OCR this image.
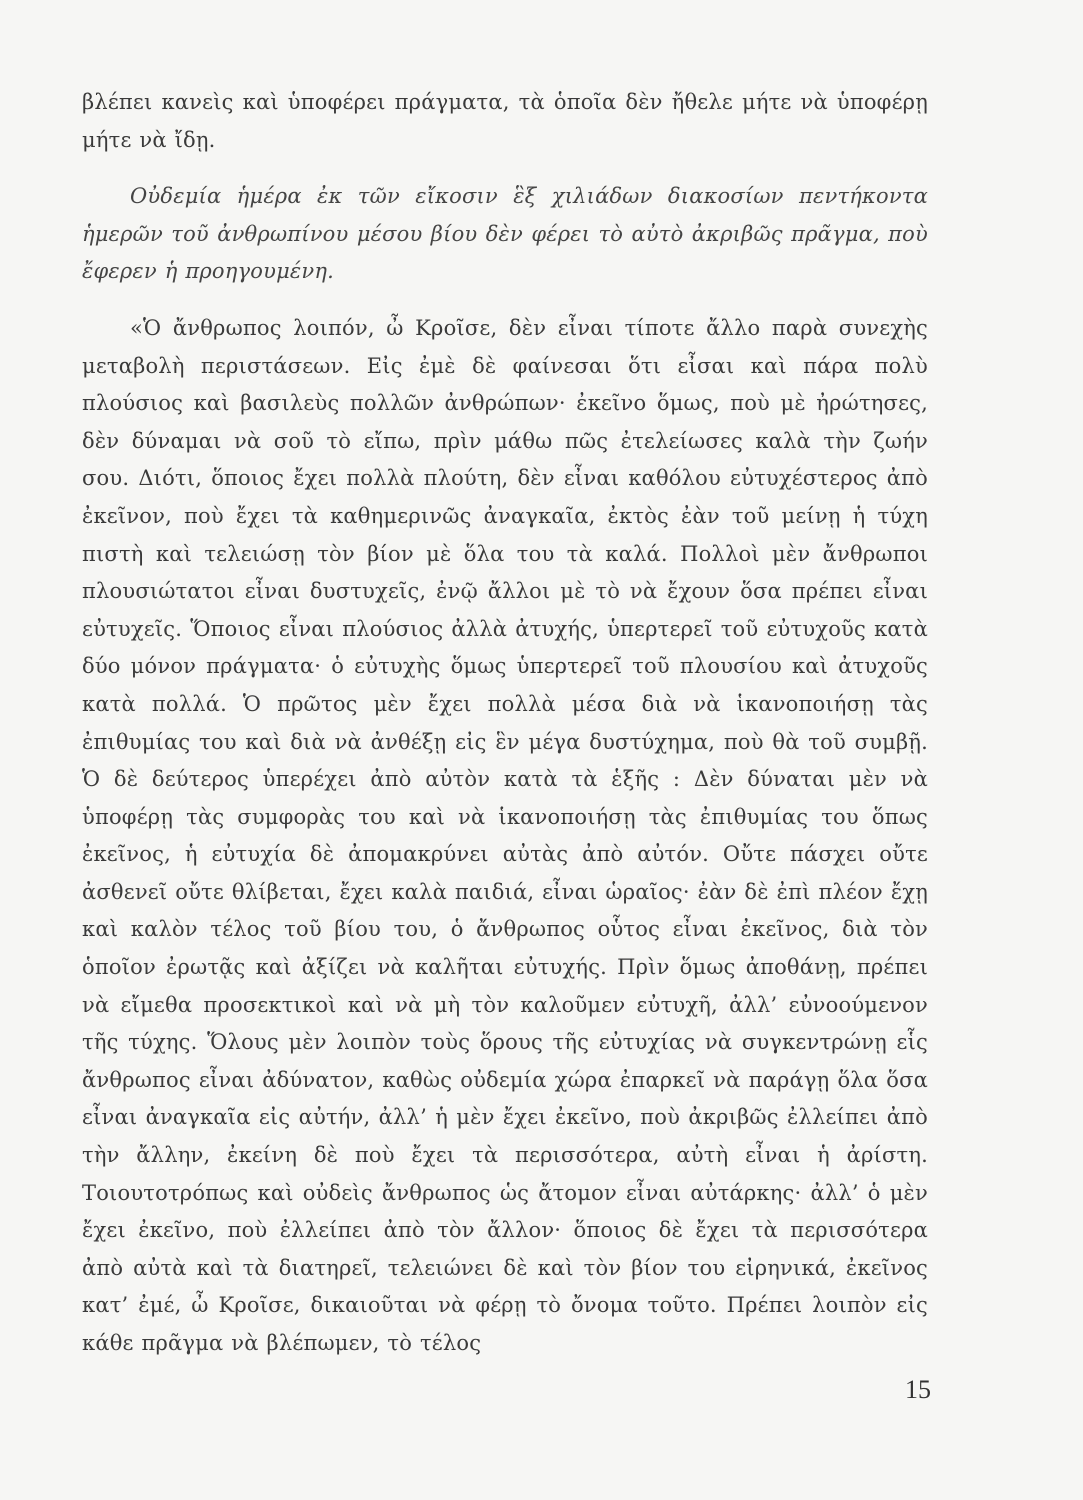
βλέπει κανεὶς καὶ ὑποφέρει πράγματα, τὰ ὁποῖα δὲν ἤθελε μήτε νὰ ὑποφέρῃ μήτε νὰ ἴδῃ.

Οὐδεμία ἡμέρα ἐκ τῶν εἴκοσιν ἓξ χιλιάδων διακοσίων πεντήκοντα ἡμερῶν τοῦ ἀνθρωπίνου μέσου βίου δὲν φέρει τὸ αὐτὸ ἀκριβῶς πρᾶγμα, ποὺ ἔφερεν ἡ προηγουμένη.

«Ὁ ἄνθρωπος λοιπόν, ὦ Κροῖσε, δὲν εἶναι τίποτε ἄλλο παρὰ συνεχὴς μεταβολὴ περιστάσεων. Εἰς ἐμὲ δὲ φαίνεσαι ὅτι εἶσαι καὶ πάρα πολὺ πλούσιος καὶ βασιλεὺς πολλῶν ἀνθρώπων· ἐκεῖνο ὅμως, ποὺ μὲ ἠρώτησες, δὲν δύναμαι νὰ σοῦ τὸ εἴπω, πρὶν μάθω πῶς ἐτελείωσες καλὰ τὴν ζωήν σου. Διότι, ὅποιος ἔχει πολλὰ πλούτη, δὲν εἶναι καθόλου εὐτυχέστερος ἀπὸ ἐκεῖνον, ποὺ ἔχει τὰ καθημερινῶς ἀναγκαῖα, ἐκτὸς ἐὰν τοῦ μείνῃ ἡ τύχη πιστὴ καὶ τελειώσῃ τὸν βίον μὲ ὅλα του τὰ καλά. Πολλοὶ μὲν ἄνθρωποι πλουσιώτατοι εἶναι δυστυχεῖς, ἐνῷ ἄλλοι μὲ τὸ νὰ ἔχουν ὅσα πρέπει εἶναι εὐτυχεῖς. Ὅποιος εἶναι πλούσιος ἀλλὰ ἀτυχής, ὑπερτερεῖ τοῦ εὐτυχοῦς κατὰ δύο μόνον πράγματα· ὁ εὐτυχὴς ὅμως ὑπερτερεῖ τοῦ πλουσίου καὶ ἀτυχοῦς κατὰ πολλά. Ὁ πρῶτος μὲν ἔχει πολλὰ μέσα διὰ νὰ ἱκανοποιήσῃ τὰς ἐπιθυμίας του καὶ διὰ νὰ ἀνθέξῃ εἰς ἓν μέγα δυστύχημα, ποὺ θὰ τοῦ συμβῇ. Ὁ δὲ δεύτερος ὑπερέχει ἀπὸ αὐτὸν κατὰ τὰ ἑξῆς : Δὲν δύναται μὲν νὰ ὑποφέρῃ τὰς συμφορὰς του καὶ νὰ ἱκανοποιήσῃ τὰς ἐπιθυμίας του ὅπως ἐκεῖνος, ἡ εὐτυχία δὲ ἀπομακρύνει αὐτὰς ἀπὸ αὐτόν. Οὔτε πάσχει οὔτε ἀσθενεῖ οὔτε θλίβεται, ἔχει καλὰ παιδιά, εἶναι ὡραῖος· ἐὰν δὲ ἐπὶ πλέον ἔχῃ καὶ καλὸν τέλος τοῦ βίου του, ὁ ἄνθρωπος οὗτος εἶναι ἐκεῖνος, διὰ τὸν ὁποῖον ἐρωτᾷς καὶ ἀξίζει νὰ καλῆται εὐτυχής. Πρὶν ὅμως ἀποθάνῃ, πρέπει νὰ εἴμεθα προσεκτικοὶ καὶ νὰ μὴ τὸν καλοῦμεν εὐτυχῆ, ἀλλ’ εὐνοούμενον τῆς τύχης. Ὅλους μὲν λοιπὸν τοὺς ὅρους τῆς εὐτυχίας νὰ συγκεντρώνῃ εἷς ἄνθρωπος εἶναι ἀδύνατον, καθὼς οὐδεμία χώρα ἐπαρκεῖ νὰ παράγῃ ὅλα ὅσα εἶναι ἀναγκαῖα εἰς αὐτήν, ἀλλ’ ἡ μὲν ἔχει ἐκεῖνο, ποὺ ἀκριβῶς ἐλλείπει ἀπὸ τὴν ἄλλην, ἐκείνη δὲ ποὺ ἔχει τὰ περισσότερα, αὐτὴ εἶναι ἡ ἀρίστη. Τοιουτοτρόπως καὶ οὐδεὶς ἄνθρωπος ὡς ἄτομον εἶναι αὐτάρκης· ἀλλ’ ὁ μὲν ἔχει ἐκεῖνο, ποὺ ἐλλείπει ἀπὸ τὸν ἄλλον· ὅποιος δὲ ἔχει τὰ περισσότερα ἀπὸ αὐτὰ καὶ τὰ διατηρεῖ, τελειώνει δὲ καὶ τὸν βίον του εἰρηνικά, ἐκεῖνος κατ’ ἐμέ, ὦ Κροῖσε, δικαιοῦται νὰ φέρῃ τὸ ὄνομα τοῦτο. Πρέπει λοιπὸν εἰς κάθε πρᾶγμα νὰ βλέπωμεν, τὸ τέλος

15
